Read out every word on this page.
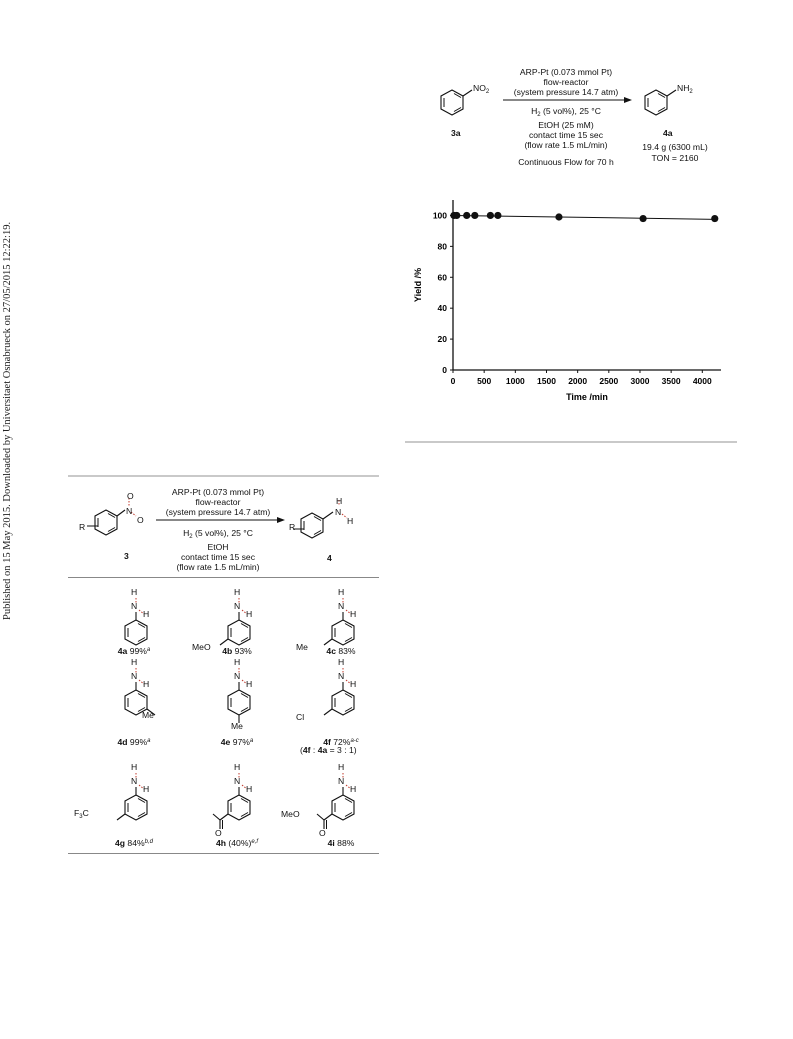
Published on 15 May 2015. Downloaded by Universitaet Osnabrueck on 27/05/2015 12:22:19.
$NO_2$
3a
ARP-Pt (0.073 mmol Pt)
flow-reactor
(system pressure 14.7 atm)
$H_2$ (5 vol%), 25 °C
EtOH (25 mM)
contact time 15 sec
(flow rate 1.5 mL/min)
Continuous Flow for 70 h
$NH_2$
4a
19.4 g (6300 mL)
TON = 2160
0	500 1000 1500 2000 2500 3000 3500 4000
0
20
40
60
80
100
Time /min
Yield /%
R
O
N
O
3
ARP-Pt (0.073 mmol Pt)
flow-reactor
(system pressure 14.7 atm)
$H_2$ (5 vol%), 25 °C
EtOH
contact time 15 sec
(flow rate 1.5 mL/min)
R
H
N
H
4
H
N
H
4a 99%$^a$
H
N
H
MeO	4b 93%
H
N
H
Me	4c 83%
H
N
H
Me
4d 99%$^a$
H
N
H
Me
4e 97%$^a$
H
N
H
Cl
4f 72%$^{a-c}$
H
N
H
$F_3C$
4g 84%$^{b,d}$
H
N
H
O
4h $(40\%)^{e,f}$
H
N
H
O
MeO
4i 88%
(4f : 4a = 3 : 1)
